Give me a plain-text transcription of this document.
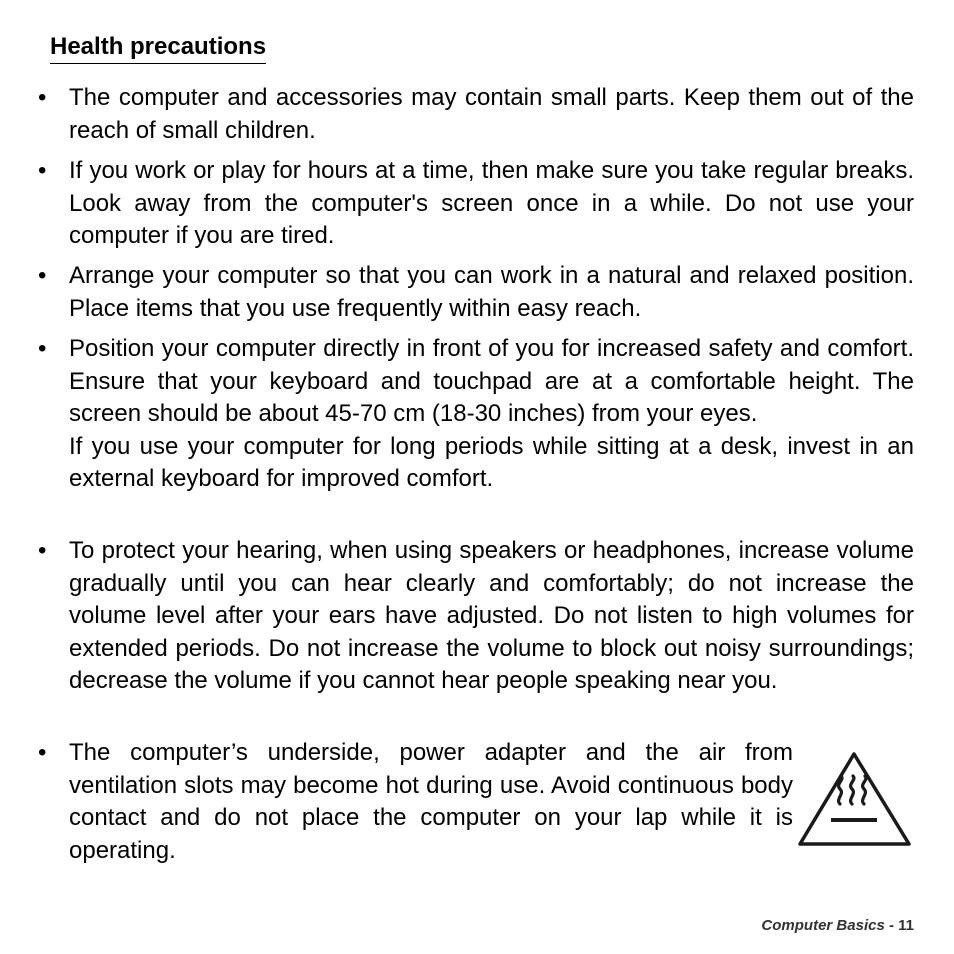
Health precautions
• The computer and accessories may contain small parts. Keep them out of the reach of small children.

• If you work or play for hours at a time, then make sure you take regular breaks. Look away from the computer's screen once in a while. Do not use your computer if you are tired.

• Arrange your computer so that you can work in a natural and relaxed position. Place items that you use frequently within easy reach.

• Position your computer directly in front of you for increased safety and comfort. Ensure that your keyboard and touchpad are at a comfortable height. The screen should be about 45-70 cm (18-30 inches) from your eyes.

If you use your computer for long periods while sitting at a desk, invest in an external keyboard for improved comfort.

• To protect your hearing, when using speakers or headphones, increase volume gradually until you can hear clearly and comfortably; do not increase the volume level after your ears have adjusted. Do not listen to high volumes for extended periods. Do not increase the volume to block out noisy surroundings; decrease the volume if you cannot hear people speaking near you.

• The computer’s underside, power adapter and the air from ventilation slots may become hot during use. Avoid continuous body contact and do not place the computer on your lap while it is operating.

Computer Basics - 11
